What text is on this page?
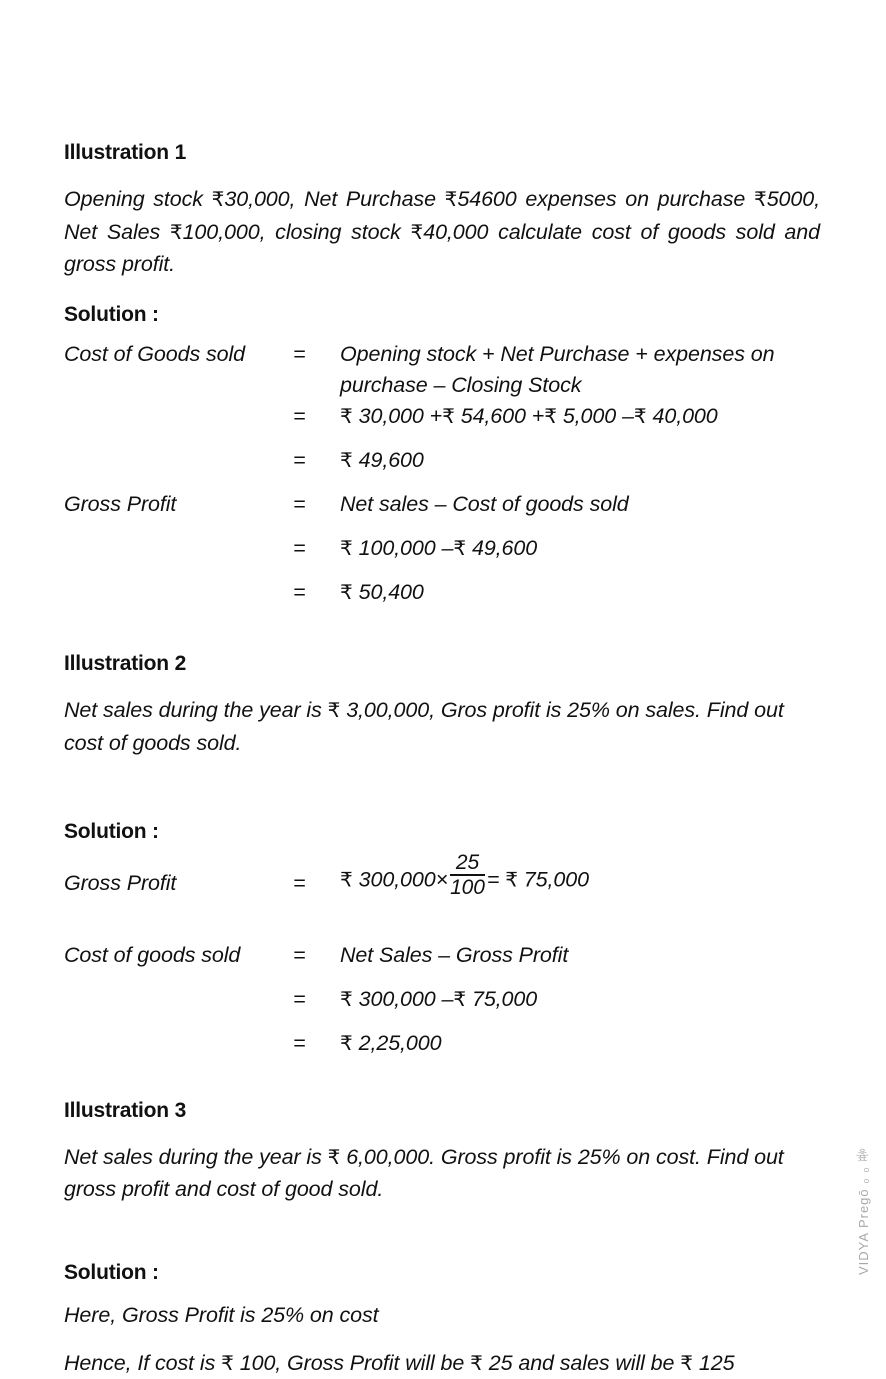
Illustration 1
Opening stock ₹30,000, Net Purchase ₹54600 expenses on purchase ₹5000, Net Sales ₹100,000, closing stock ₹40,000 calculate cost of goods sold and gross profit.
Solution :
Cost of Goods sold	=	Opening stock + Net Purchase + expenses on purchase – Closing Stock
	=	₹ 30,000 +₹ 54,600 +₹ 5,000 –₹ 40,000
	=	₹ 49,600
Gross Profit	=	Net sales – Cost of goods sold
	=	₹ 100,000 –₹ 49,600
	=	₹ 50,400
Illustration 2
Net sales during the year is ₹ 3,00,000, Gros profit is 25% on sales. Find out cost of goods sold.
Solution :
Gross Profit	=	₹ $300,000\times \frac{25}{100}$ = ₹ 75,000
Cost of goods sold	=	Net Sales – Gross Profit
	=	₹ 300,000 –₹ 75,000
	=	₹ 2,25,000
Illustration 3
Net sales during the year is ₹ 6,00,000. Gross profit is 25% on cost. Find out gross profit and cost of good sold.
Solution :
Here, Gross Profit is 25% on cost
Hence, If cost is ₹ 100, Gross Profit will be ₹ 25 and sales will be ₹ 125
VIDYA Pregō ₀ ₀ 푷
